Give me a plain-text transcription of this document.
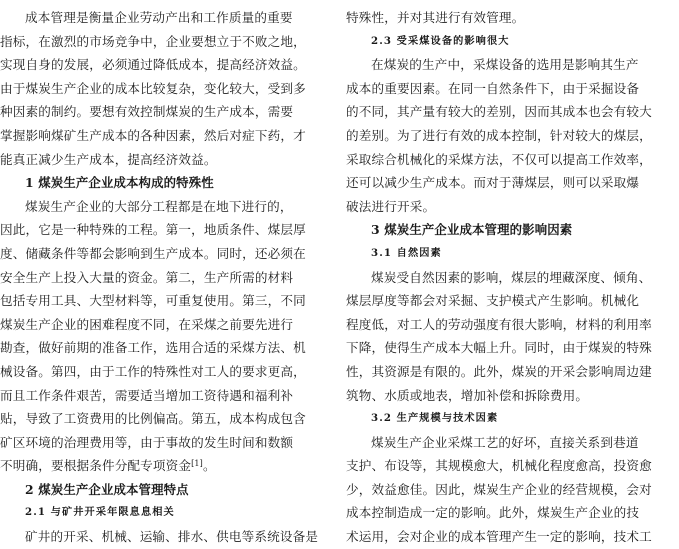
成本管理是衡量企业劳动产出和工作质量的重要
指标，在激烈的市场竞争中，企业要想立于不败之地，
实现自身的发展，必须通过降低成本，提高经济效益。
由于煤炭生产企业的成本比较复杂，变化较大，受到多
种因素的制约。要想有效控制煤炭的生产成本，需要
掌握影响煤矿生产成本的各种因素，然后对症下药，才
能真正减少生产成本，提高经济效益。
1 煤炭生产企业成本构成的特殊性
煤炭生产企业的大部分工程都是在地下进行的，
因此，它是一种特殊的工程。第一，地质条件、煤层厚
度、储藏条件等都会影响到生产成本。同时，还必须在
安全生产上投入大量的资金。第二，生产所需的材料
包括专用工具、大型材料等，可重复使用。第三，不同
煤炭生产企业的困难程度不同，在采煤之前要先进行
勘查，做好前期的准备工作，选用合适的采煤方法、机
械设备。第四，由于工作的特殊性对工人的要求更高，
而且工作条件艰苦，需要适当增加工资待遇和福利补
贴，导致了工资费用的比例偏高。第五，成本构成包含
矿区环境的治理费用等，由于事故的发生时间和数额
不明确，要根据条件分配专项资金[1]。
2 煤炭生产企业成本管理特点
2.1 与矿井开采年限息息相关
矿井的开采、机械、运输、排水、供电等系统设备是
特殊性，并对其进行有效管理。
2.3 受采煤设备的影响很大
在煤炭的生产中，采煤设备的选用是影响其生产
成本的重要因素。在同一自然条件下，由于采掘设备
的不同，其产量有较大的差别，因而其成本也会有较大
的差别。为了进行有效的成本控制，针对较大的煤层，
采取综合机械化的采煤方法，不仅可以提高工作效率，
还可以减少生产成本。而对于薄煤层，则可以采取爆
破法进行开采。
3 煤炭生产企业成本管理的影响因素
3.1 自然因素
煤炭受自然因素的影响，煤层的埋藏深度、倾角、
煤层厚度等都会对采掘、支护模式产生影响。机械化
程度低，对工人的劳动强度有很大影响，材料的利用率
下降，使得生产成本大幅上升。同时，由于煤炭的特殊
性，其资源是有限的。此外，煤炭的开采会影响周边建
筑物、水质或地表，增加补偿和拆除费用。
3.2 生产规模与技术因素
煤炭生产企业采煤工艺的好坏，直接关系到巷道
支护、布设等，其规模愈大，机械化程度愈高，投资愈
少，效益愈佳。因此，煤炭生产企业的经营规模，会对
成本控制造成一定的影响。此外，煤炭生产企业的技
术运用，会对企业的成本管理产生一定的影响，技术工
